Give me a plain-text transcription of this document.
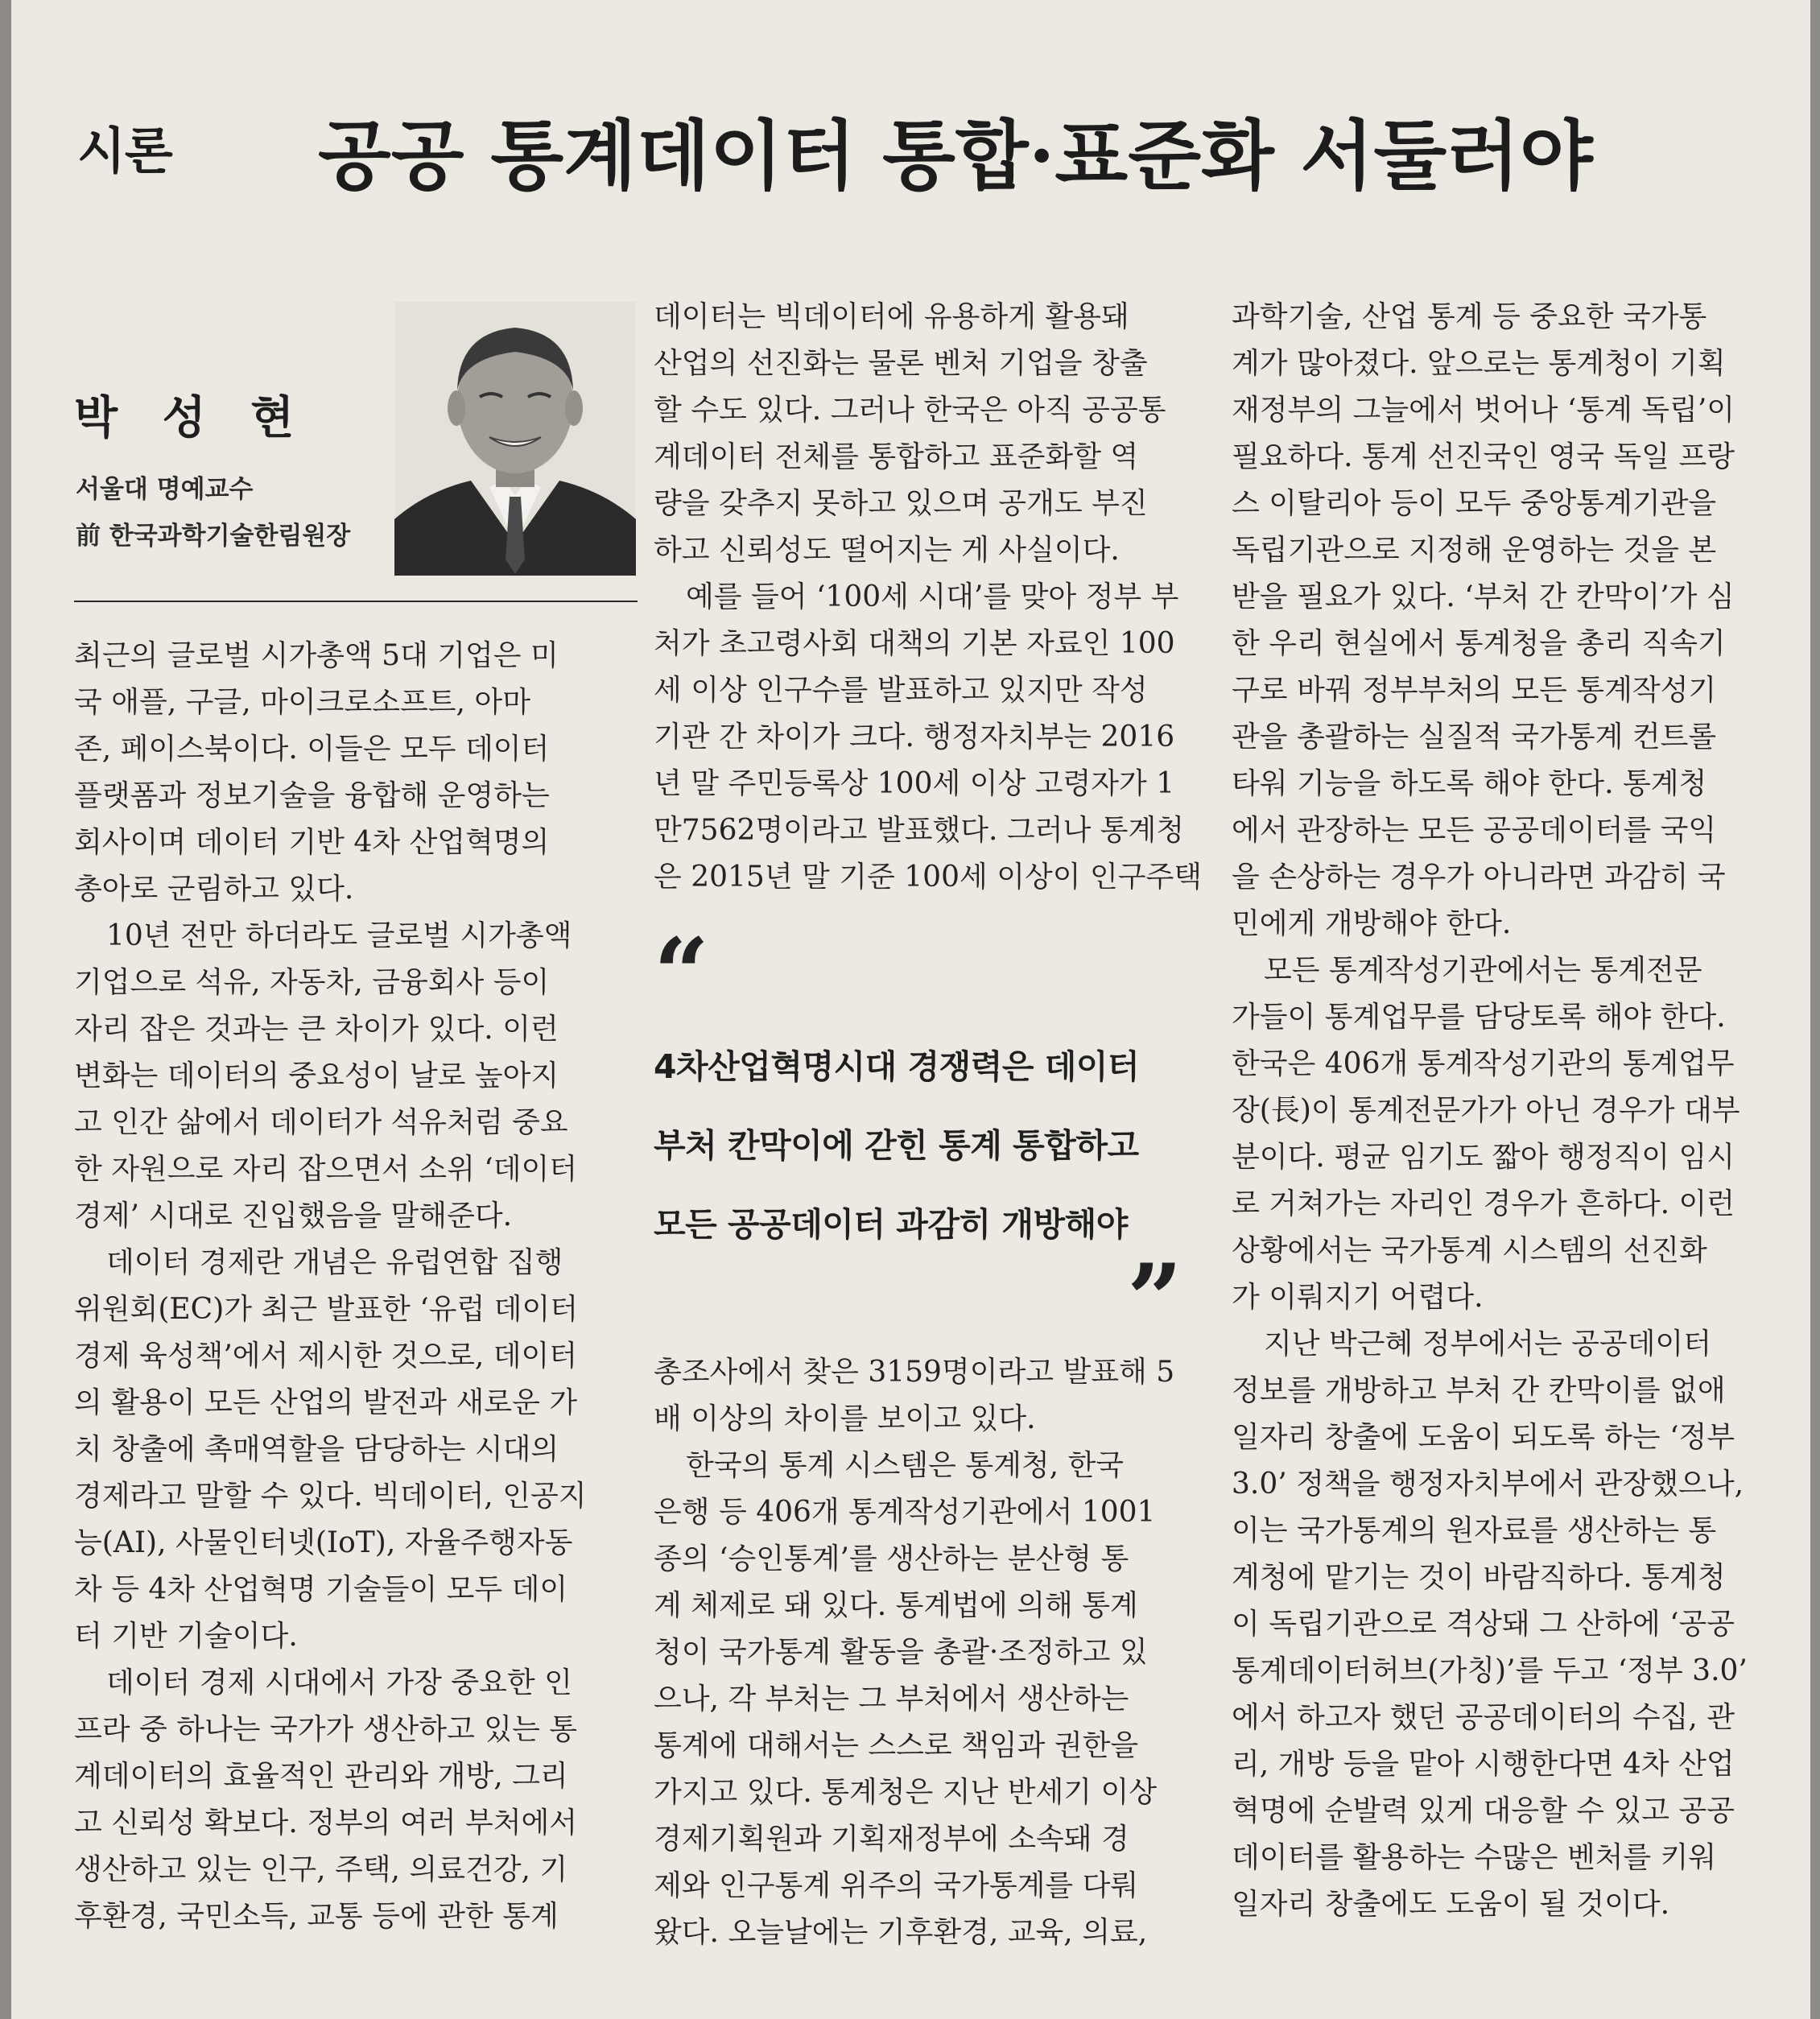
시론 공공 통계데이터 통합·표준화 서둘러야
박 성 현
서울대 명예교수
前 한국과학기술한림원장

최근의 글로벌 시가총액 5대 기업은 미

국 애플, 구글, 마이크로소프트, 아마

존, 페이스북이다. 이들은 모두 데이터

플랫폼과 정보기술을 융합해 운영하는

회사이며 데이터 기반 4차 산업혁명의

총아로 군림하고 있다.

10년 전만 하더라도 글로벌 시가총액

기업으로 석유, 자동차, 금융회사 등이

자리 잡은 것과는 큰 차이가 있다. 이런

변화는 데이터의 중요성이 날로 높아지

고 인간 삶에서 데이터가 석유처럼 중요

한 자원으로 자리 잡으면서 소위 ‘데이터

경제’ 시대로 진입했음을 말해준다.

데이터 경제란 개념은 유럽연합 집행

위원회(EC)가 최근 발표한 ‘유럽 데이터

경제 육성책’에서 제시한 것으로, 데이터

의 활용이 모든 산업의 발전과 새로운 가

치 창출에 촉매역할을 담당하는 시대의

경제라고 말할 수 있다. 빅데이터, 인공지

능(AI), 사물인터넷(IoT), 자율주행자동

차 등 4차 산업혁명 기술들이 모두 데이

터 기반 기술이다.

데이터 경제 시대에서 가장 중요한 인

프라 중 하나는 국가가 생산하고 있는 통

계데이터의 효율적인 관리와 개방, 그리

고 신뢰성 확보다. 정부의 여러 부처에서

생산하고 있는 인구, 주택, 의료건강, 기

후환경, 국민소득, 교통 등에 관한 통계

데이터는 빅데이터에 유용하게 활용돼

산업의 선진화는 물론 벤처 기업을 창출

할 수도 있다. 그러나 한국은 아직 공공통

계데이터 전체를 통합하고 표준화할 역

량을 갖추지 못하고 있으며 공개도 부진

하고 신뢰성도 떨어지는 게 사실이다.

예를 들어 ‘100세 시대’를 맞아 정부 부

처가 초고령사회 대책의 기본 자료인 100

세 이상 인구수를 발표하고 있지만 작성

기관 간 차이가 크다. 행정자치부는 2016

년 말 주민등록상 100세 이상 고령자가 1

만7562명이라고 발표했다. 그러나 통계청

은 2015년 말 기준 100세 이상이 인구주택

“

4차산업혁명시대 경쟁력은 데이터

부처 칸막이에 갇힌 통계 통합하고

모든 공공데이터 과감히 개방해야

”

총조사에서 찾은 3159명이라고 발표해 5

배 이상의 차이를 보이고 있다.

한국의 통계 시스템은 통계청, 한국

은행 등 406개 통계작성기관에서 1001

종의 ‘승인통계’를 생산하는 분산형 통

계 체제로 돼 있다. 통계법에 의해 통계

청이 국가통계 활동을 총괄·조정하고 있

으나, 각 부처는 그 부처에서 생산하는

통계에 대해서는 스스로 책임과 권한을

가지고 있다. 통계청은 지난 반세기 이상

경제기획원과 기획재정부에 소속돼 경

제와 인구통계 위주의 국가통계를 다뤄

왔다. 오늘날에는 기후환경, 교육, 의료,

과학기술, 산업 통계 등 중요한 국가통

계가 많아졌다. 앞으로는 통계청이 기획

재정부의 그늘에서 벗어나 ‘통계 독립’이

필요하다. 통계 선진국인 영국 독일 프랑

스 이탈리아 등이 모두 중앙통계기관을

독립기관으로 지정해 운영하는 것을 본

받을 필요가 있다. ‘부처 간 칸막이’가 심

한 우리 현실에서 통계청을 총리 직속기

구로 바꿔 정부부처의 모든 통계작성기

관을 총괄하는 실질적 국가통계 컨트롤

타워 기능을 하도록 해야 한다. 통계청

에서 관장하는 모든 공공데이터를 국익

을 손상하는 경우가 아니라면 과감히 국

민에게 개방해야 한다.

모든 통계작성기관에서는 통계전문

가들이 통계업무를 담당토록 해야 한다.

한국은 406개 통계작성기관의 통계업무

장(長)이 통계전문가가 아닌 경우가 대부

분이다. 평균 임기도 짧아 행정직이 임시

로 거쳐가는 자리인 경우가 흔하다. 이런

상황에서는 국가통계 시스템의 선진화

가 이뤄지기 어렵다.

지난 박근혜 정부에서는 공공데이터

정보를 개방하고 부처 간 칸막이를 없애

일자리 창출에 도움이 되도록 하는 ‘정부

3.0’ 정책을 행정자치부에서 관장했으나,

이는 국가통계의 원자료를 생산하는 통

계청에 맡기는 것이 바람직하다. 통계청

이 독립기관으로 격상돼 그 산하에 ‘공공

통계데이터허브(가칭)’를 두고 ‘정부 3.0’

에서 하고자 했던 공공데이터의 수집, 관

리, 개방 등을 맡아 시행한다면 4차 산업

혁명에 순발력 있게 대응할 수 있고 공공

데이터를 활용하는 수많은 벤처를 키워

일자리 창출에도 도움이 될 것이다.
